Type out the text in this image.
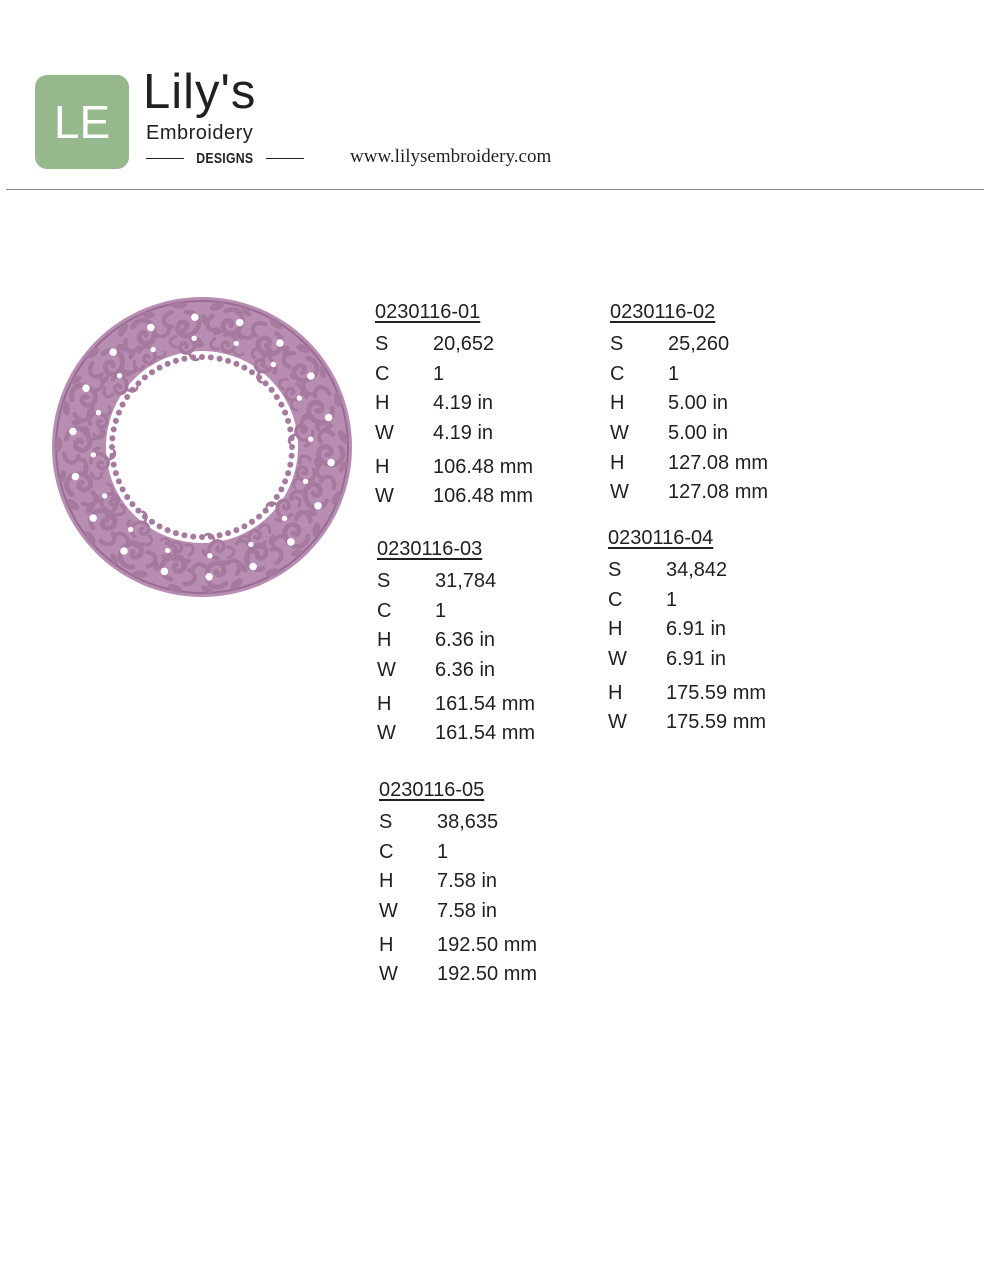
LE
Lily's
Embroidery
DESIGNS	www.lilysembroidery.com
0230116-01
S	20,652
C	1
H	4.19 in
W	4.19 in
H	106.48 mm
W	106.48 mm
0230116-02
S	25,260
C	1
H	5.00 in
W	5.00 in
H	127.08 mm
W	127.08 mm
0230116-03
S	31,784
C	1
H	6.36 in
W	6.36 in
H	161.54 mm
W	161.54 mm
0230116-04
S	34,842
C	1
H	6.91 in
W	6.91 in
H	175.59 mm
W	175.59 mm
0230116-05
S	38,635
C	1
H	7.58 in
W	7.58 in
H	192.50 mm
W	192.50 mm
